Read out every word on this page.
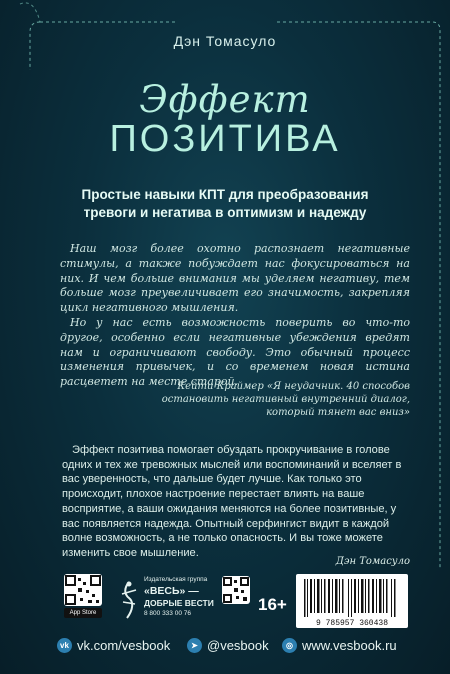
Дэн Томасуло
Эффект
ПОЗИТИВА
Простые навыки КПТ для преобразования
тревоги и негатива в оптимизм и надежду

Наш мозг более охотно распознает негативные стимулы, а также побуждает нас фокусироваться на них. И чем больше внимания мы уделяем негативу, тем больше мозг преувеличивает его значимость, закрепляя цикл негативного мышления.

Но у нас есть возможность поверить во что-то другое, особенно если негативные убеждения вредят нам и ограничивают свободу. Это обычный процесс изменения привычек, и со временем новая истина расцветет на месте старой.

Кейти Краймер «Я неудачник. 40 способов
остановить негативный внутренний диалог,
который тянет вас вниз»

Эффект позитива помогает обуздать прокручивание в голове одних и тех же тревожных мыслей или воспоминаний и вселяет в вас уверенность, что дальше будет лучше. Как только это происходит, плохое настроение перестает влиять на ваше восприятие, а ваши ожидания меняются на более позитивные, у вас появляется надежда. Опытный серфингист видит в каждой волне возможность, а не только опасность. И вы тоже можете изменить свое мышление.

Дэн Томасуло
App Store
Издательская группа
«ВЕСЬ» —
ДОБРЫЕ ВЕСТИ
8 800 333 00 76	16+
9 785957 360438
vk vk.com/vesbook	➤ @vesbook	◎ www.vesbook.ru
